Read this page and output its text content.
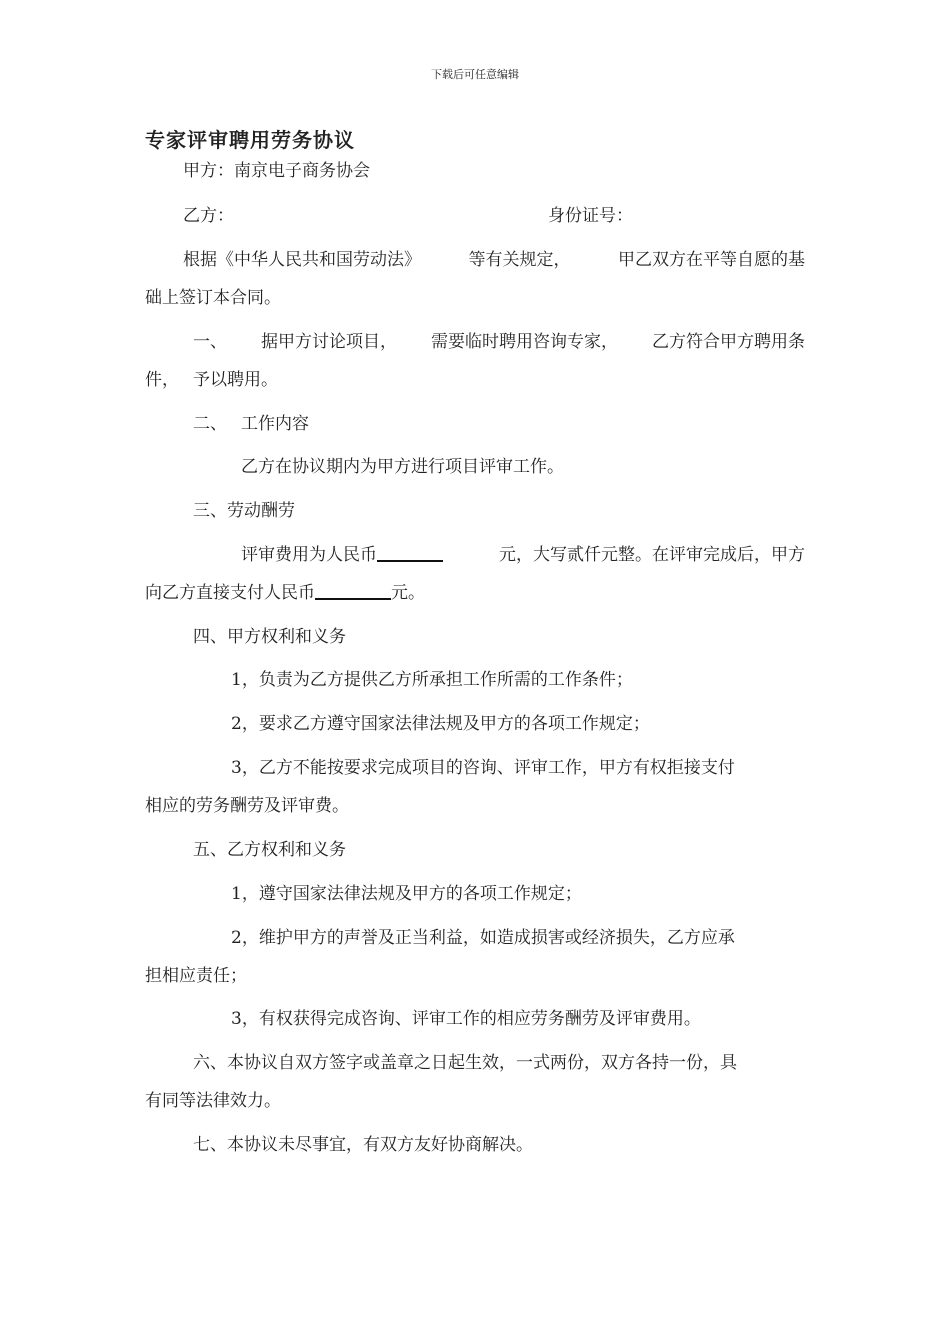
下载后可任意编辑
专家评审聘用劳务协议
甲方：南京电子商务协会
乙方：	身份证号：
根据《中华人民共和国劳动法》	等有关规定，	甲乙双方在平等自愿的基
础上签订本合同。
一、 据甲方讨论项目， 需要临时聘用咨询专家， 乙方符合甲方聘用条
件， 予以聘用。
二、 工作内容
乙方在协议期内为甲方进行项目评审工作。
三、劳动酬劳
评审费用为人民币	元，大写贰仟元整。在评审完成后，甲方
向乙方直接支付人民币	元。
四、甲方权利和义务
1，负责为乙方提供乙方所承担工作所需的工作条件；
2，要求乙方遵守国家法律法规及甲方的各项工作规定；
3，乙方不能按要求完成项目的咨询、评审工作，甲方有权拒接支付
相应的劳务酬劳及评审费。
五、乙方权利和义务
1，遵守国家法律法规及甲方的各项工作规定；
2，维护甲方的声誉及正当利益，如造成损害或经济损失，乙方应承
担相应责任；
3，有权获得完成咨询、评审工作的相应劳务酬劳及评审费用。
六、本协议自双方签字或盖章之日起生效，一式两份，双方各持一份，具
有同等法律效力。
七、本协议未尽事宜，有双方友好协商解决。
